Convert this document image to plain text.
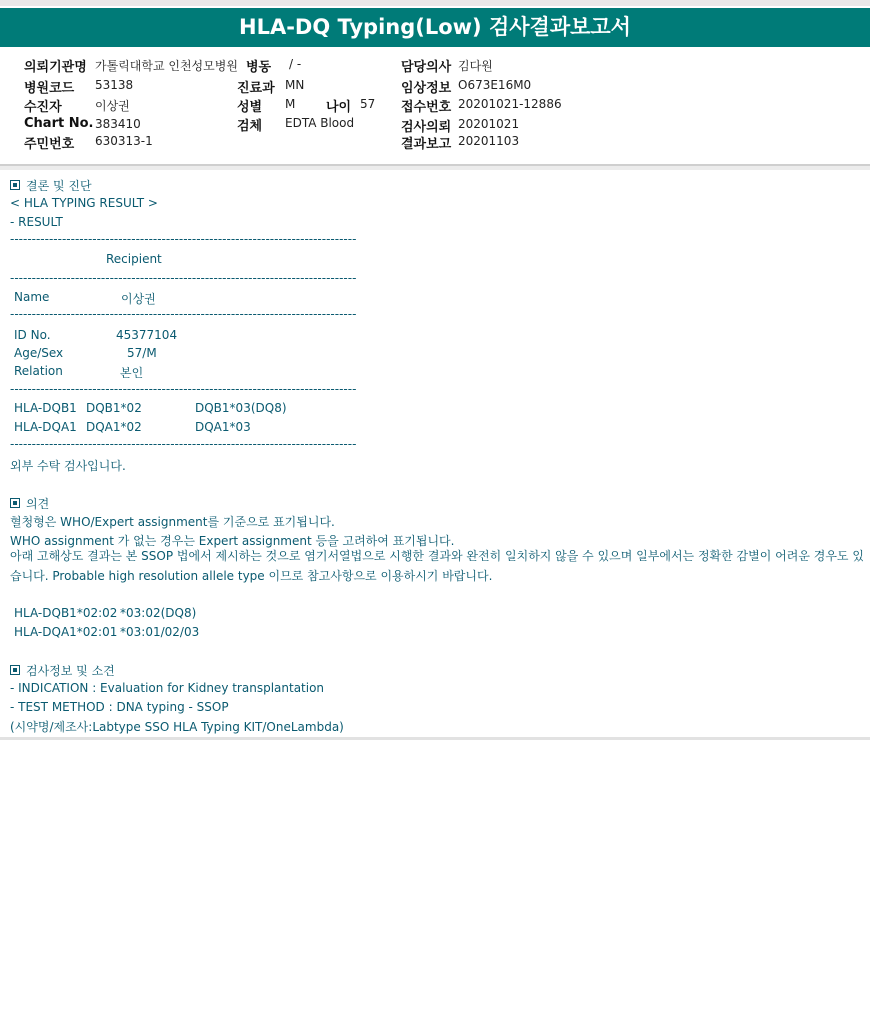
HLA-DQ Typing(Low) 검사결과보고서
의뢰기관명 가톨릭대학교 인천성모병원
병원코드 53138
수진자	이상권
Chart No. 383410
주민번호 630313-1
병동 / -
진료과 MN
성별 M 나이 57
검체 EDTA Blood
담당의사 김다원
임상정보 O673E16M0
접수번호 20201021-12886
검사의뢰 20201021
결과보고 20201103
결론 및 진단
< HLA TYPING RESULT >
- RESULT
--------------------------------------------------------------------------------
Recipient
--------------------------------------------------------------------------------
Name	이상권
--------------------------------------------------------------------------------
ID No.	45377104
Age/Sex	57/M
Relation	본인
--------------------------------------------------------------------------------
HLA-DQB1 DQB1*02	DQB1*03(DQ8)
HLA-DQA1 DQA1*02	DQA1*03
--------------------------------------------------------------------------------
외부 수탁 검사입니다.
의견
혈청형은 WHO/Expert assignment를 기준으로 표기됩니다.
WHO assignment 가 없는 경우는 Expert assignment 등을 고려하여 표기됩니다.
아래 고해상도 결과는 본 SSOP 법에서 제시하는 것으로 염기서열법으로 시행한 결과와 완전히 일치하지 않을 수 있으며 일부에서는 정확한 감별이 어려운 경우도 있습니다. Probable high resolution allele type 이므로 참고사항으로 이용하시기 바랍니다.
HLA-DQB1*02:02 *03:02(DQ8)
HLA-DQA1*02:01 *03:01/02/03
검사정보 및 소견
- INDICATION : Evaluation for Kidney transplantation
- TEST METHOD : DNA typing - SSOP
(시약명/제조사:Labtype SSO HLA Typing KIT/OneLambda)
